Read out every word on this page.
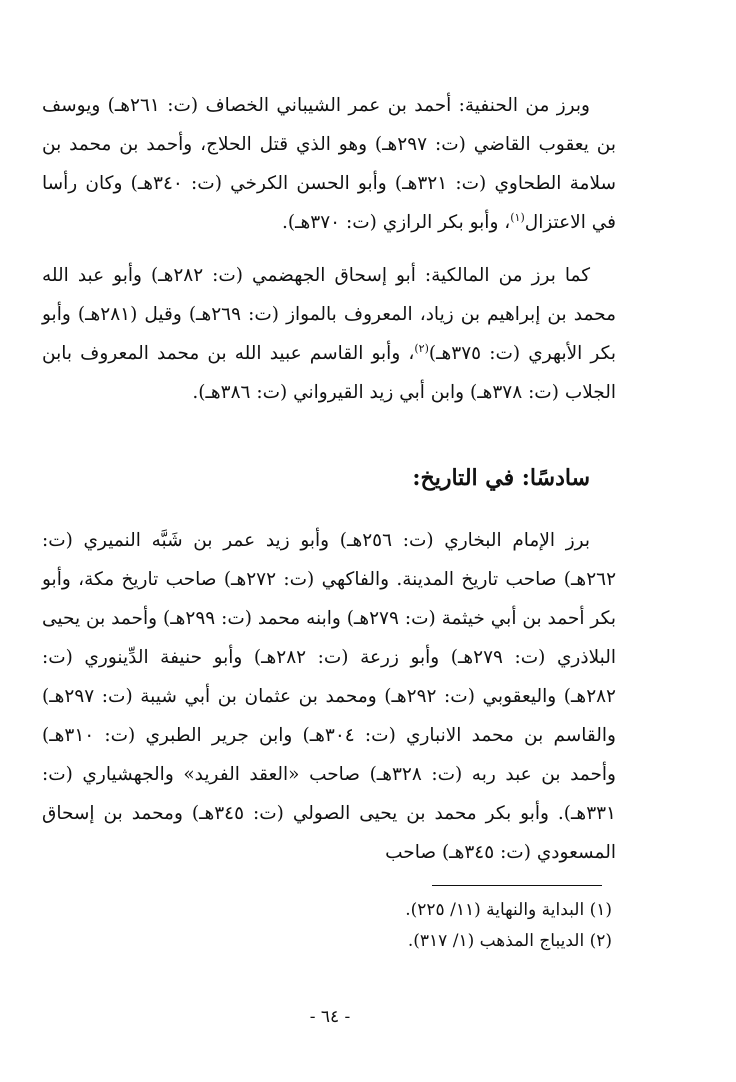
وبرز من الحنفية: أحمد بن عمر الشيباني الخصاف (ت: ٢٦١هـ) ويوسف بن يعقوب القاضي (ت: ٢٩٧هـ) وهو الذي قتل الحلاج، وأحمد بن محمد بن سلامة الطحاوي (ت: ٣٢١هـ) وأبو الحسن الكرخي (ت: ٣٤٠هـ) وكان رأسا في الاعتزال$^{(١)}$، وأبو بكر الرازي (ت: ٣٧٠هـ).

كما برز من المالكية: أبو إسحاق الجهضمي (ت: ٢٨٢هـ) وأبو عبد الله محمد بن إبراهيم بن زياد، المعروف بالمواز (ت: ٢٦٩هـ) وقيل (٢٨١هـ) وأبو بكر الأبهري (ت: ٣٧٥هـ)$^{(٢)}$، وأبو القاسم عبيد الله بن محمد المعروف بابن الجلاب (ت: ٣٧٨هـ) وابن أبي زيد القيرواني (ت: ٣٨٦هـ).

سادسًا: في التاريخ:

برز الإمام البخاري (ت: ٢٥٦هـ) وأبو زيد عمر بن شَبَّه النميري (ت: ٢٦٢هـ) صاحب تاريخ المدينة. والفاكهي (ت: ٢٧٢هـ) صاحب تاريخ مكة، وأبو بكر أحمد بن أبي خيثمة (ت: ٢٧٩هـ) وابنه محمد (ت: ٢٩٩هـ) وأحمد بن يحيى البلاذري (ت: ٢٧٩هـ) وأبو زرعة (ت: ٢٨٢هـ) وأبو حنيفة الدِّينوري (ت: ٢٨٢هـ) واليعقوبي (ت: ٢٩٢هـ) ومحمد بن عثمان بن أبي شيبة (ت: ٢٩٧هـ) والقاسم بن محمد الانباري (ت: ٣٠٤هـ) وابن جرير الطبري (ت: ٣١٠هـ) وأحمد بن عبد ربه (ت: ٣٢٨هـ) صاحب «العقد الفريد» والجهشياري (ت: ٣٣١هـ). وأبو بكر محمد بن يحيى الصولي (ت: ٣٤٥هـ) ومحمد بن إسحاق المسعودي (ت: ٣٤٥هـ) صاحب

(١) البداية والنهاية (١١/ ٢٢٥).
(٢) الديباج المذهب (١/ ٣١٧).
- ٦٤ -
